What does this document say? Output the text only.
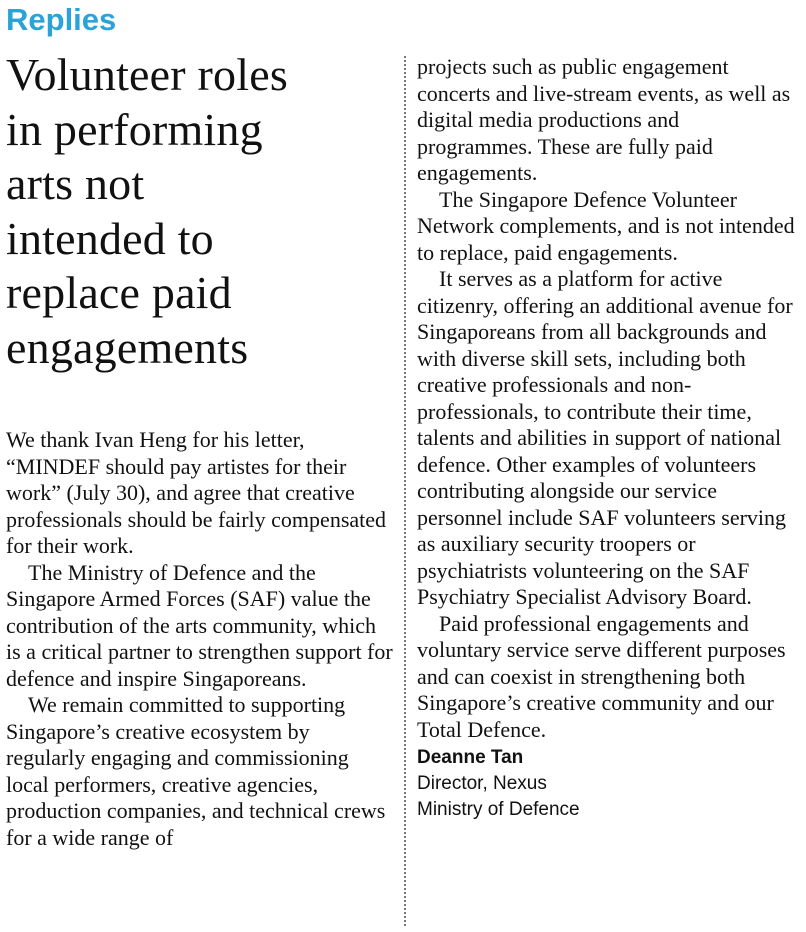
Replies
Volunteer roles
in performing
arts not
intended to
replace paid
engagements

We thank Ivan Heng for his letter, “MINDEF should pay artistes for their work” (July 30), and agree that creative professionals should be fairly compensated for their work.

The Ministry of Defence and the Singapore Armed Forces (SAF) value the contribution of the arts community, which is a critical partner to strengthen support for defence and inspire Singaporeans.

We remain committed to supporting Singapore’s creative ecosystem by regularly engaging and commissioning local performers, creative agencies, production companies, and technical crews for a wide range of

projects such as public engagement concerts and live-stream events, as well as digital media productions and programmes. These are fully paid engagements.

The Singapore Defence Volunteer Network complements, and is not intended to replace, paid engagements.

It serves as a platform for active citizenry, offering an additional avenue for Singaporeans from all backgrounds and with diverse skill sets, including both creative professionals and non-professionals, to contribute their time, talents and abilities in support of national defence. Other examples of volunteers contributing alongside our service personnel include SAF volunteers serving as auxiliary security troopers or psychiatrists volunteering on the SAF Psychiatry Specialist Advisory Board.

Paid professional engagements and voluntary service serve different purposes and can coexist in strengthening both Singapore’s creative community and our Total Defence.

Deanne Tan
Director, Nexus
Ministry of Defence
